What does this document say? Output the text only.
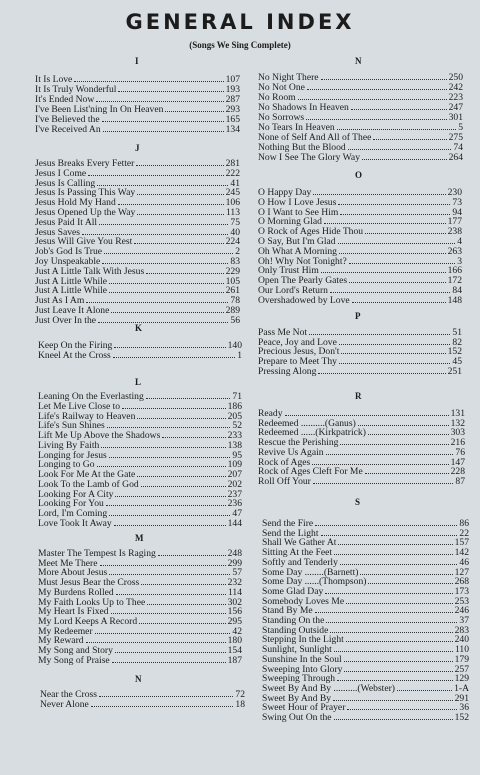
GENERAL INDEX
(Songs We Sing Complete)
I
It Is Love	107
It Is Truly Wonderful	193
It's Ended Now	287
I've Been List'ning In On Heaven	293
I've Believed the	165
I've Received An	134
J
Jesus Breaks Every Fetter	281
Jesus I Come	222
Jesus Is Calling	41
Jesus Is Passing This Way	245
Jesus Hold My Hand	106
Jesus Opened Up the Way	113
Jesus Paid It All	75
Jesus Saves	40
Jesus Will Give You Rest	224
Job's God Is True	2
Joy Unspeakable	83
Just A Little Talk With Jesus	229
Just A Little While	105
Just A Little While	261
Just As I Am	78
Just Leave It Alone	289
Just Over In the	56
K
Keep On the Firing	140
Kneel At the Cross	1
L
Leaning On the Everlasting	71
Let Me Live Close to	186
Life's Railway to Heaven	205
Life's Sun Shines	52
Lift Me Up Above the Shadows	233
Living By Faith	138
Longing for Jesus	95
Longing to Go	109
Look For Me At the Gate	207
Look To the Lamb of God	202
Looking For A City	237
Looking For You	236
Lord, I'm Coming	47
Love Took It Away	144
M
Master The Tempest Is Raging	248
Meet Me There	299
More About Jesus	57
Must Jesus Bear the Cross	232
My Burdens Rolled	114
My Faith Looks Up to Thee	302
My Heart Is Fixed	156
My Lord Keeps A Record	295
My Redeemer	42
My Reward	180
My Song and Story	154
My Song of Praise	187
N
Near the Cross	72
Never Alone	18
N
No Night There	250
No Not One	242
No Room	223
No Shadows In Heaven	247
No Sorrows	301
No Tears In Heaven	5
None of Self And All of Thee	275
Nothing But the Blood	74
Now I See The Glory Way	264
O
O Happy Day	230
O How I Love Jesus	73
O I Want to See Him	94
O Morning Glad	177
O Rock of Ages Hide Thou	238
O Say, But I'm Glad	4
Oh What A Morning	263
Oh! Why Not Tonight?	3
Only Trust Him	166
Open The Pearly Gates	172
Our Lord's Return	84
Overshadowed by Love	148
P
Pass Me Not	51
Peace, Joy and Love	82
Precious Jesus, Don't	152
Prepare to Meet Thy	45
Pressing Along	251
R
Ready	131
Redeemed ..........(Ganus)	132
Redeemed ......(Kirkpatrick)	303
Rescue the Perishing	216
Revive Us Again	76
Rock of Ages	147
Rock of Ages Cleft For Me	228
Roll Off Your	87
S
Send the Fire	86
Send the Light	22
Shall We Gather At	157
Sitting At the Feet	142
Softly and Tenderly	46
Some Day ........(Barnett)	127
Some Day ......(Thompson)	268
Some Glad Day	173
Somebody Loves Me	253
Stand By Me	246
Standing On the	37
Standing Outside	283
Stepping In the Light	240
Sunlight, Sunlight	110
Sunshine In the Soul	179
Sweeping Into Glory	257
Sweeping Through	129
Sweet By And By ..........(Webster)	1-A
Sweet By And By	291
Sweet Hour of Prayer	36
Swing Out On the	152
